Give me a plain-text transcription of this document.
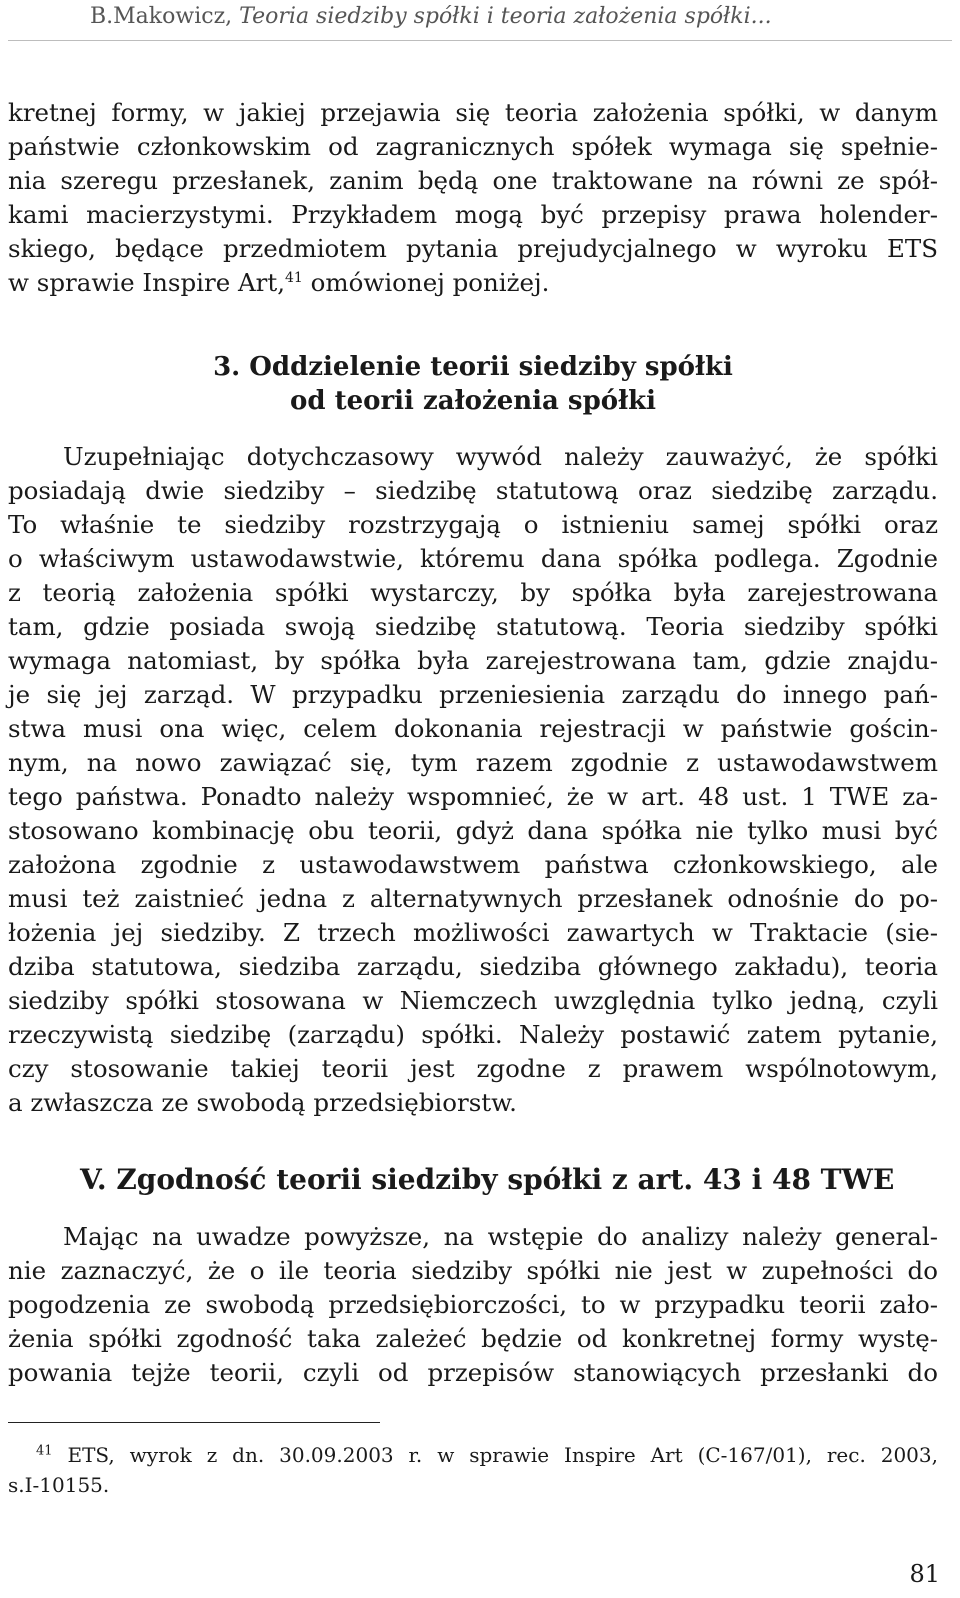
B.Makowicz, Teoria siedziby spółki i teoria założenia spółki...
kretnej formy, w jakiej przejawia się teoria założenia spółki, w danym
państwie członkowskim od zagranicznych spółek wymaga się spełnie-
nia szeregu przesłanek, zanim będą one traktowane na równi ze spół-
kami macierzystymi. Przykładem mogą być przepisy prawa holender-
skiego, będące przedmiotem pytania prejudycjalnego w wyroku ETS
w sprawie Inspire Art,$^{41}$ omówionej poniżej.
3. Oddzielenie teorii siedziby spółki
od teorii założenia spółki
Uzupełniając dotychczasowy wywód należy zauważyć, że spółki
posiadają dwie siedziby – siedzibę statutową oraz siedzibę zarządu.
To właśnie te siedziby rozstrzygają o istnieniu samej spółki oraz
o właściwym ustawodawstwie, któremu dana spółka podlega. Zgodnie
z teorią założenia spółki wystarczy, by spółka była zarejestrowana
tam, gdzie posiada swoją siedzibę statutową. Teoria siedziby spółki
wymaga natomiast, by spółka była zarejestrowana tam, gdzie znajdu-
je się jej zarząd. W przypadku przeniesienia zarządu do innego pań-
stwa musi ona więc, celem dokonania rejestracji w państwie gościn-
nym, na nowo zawiązać się, tym razem zgodnie z ustawodawstwem
tego państwa. Ponadto należy wspomnieć, że w art. 48 ust. 1 TWE za-
stosowano kombinację obu teorii, gdyż dana spółka nie tylko musi być
założona zgodnie z ustawodawstwem państwa członkowskiego, ale
musi też zaistnieć jedna z alternatywnych przesłanek odnośnie do po-
łożenia jej siedziby. Z trzech możliwości zawartych w Traktacie (sie-
dziba statutowa, siedziba zarządu, siedziba głównego zakładu), teoria
siedziby spółki stosowana w Niemczech uwzględnia tylko jedną, czyli
rzeczywistą siedzibę (zarządu) spółki. Należy postawić zatem pytanie,
czy stosowanie takiej teorii jest zgodne z prawem wspólnotowym,
a zwłaszcza ze swobodą przedsiębiorstw.
V. Zgodność teorii siedziby spółki z art. 43 i 48 TWE
Mając na uwadze powyższe, na wstępie do analizy należy general-
nie zaznaczyć, że o ile teoria siedziby spółki nie jest w zupełności do
pogodzenia ze swobodą przedsiębiorczości, to w przypadku teorii zało-
żenia spółki zgodność taka zależeć będzie od konkretnej formy wystę-
powania tejże teorii, czyli od przepisów stanowiących przesłanki do
$^{41}$ ETS, wyrok z dn. 30.09.2003 r. w sprawie Inspire Art (C-167/01), rec. 2003,
s.I-10155.
81
